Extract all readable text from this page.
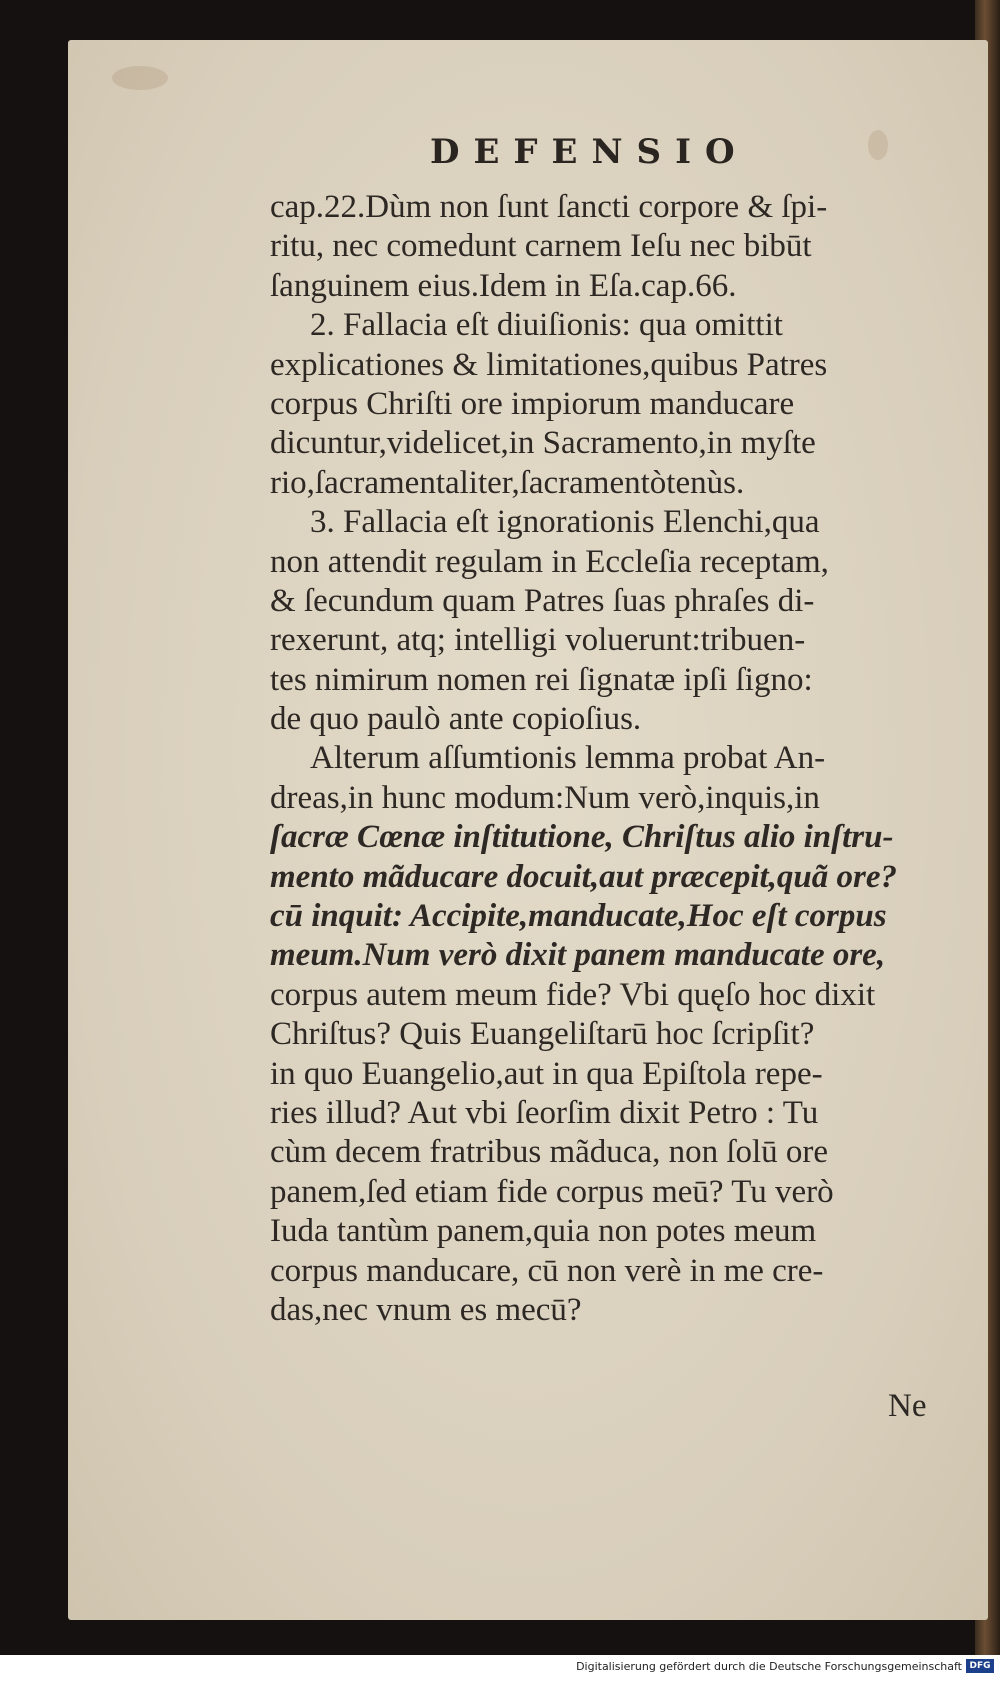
DEFENSIO
cap.22.Dùm non ſunt ſancti corpore & ſpi-
ritu, nec comedunt carnem Ieſu nec bibūt
ſanguinem eius.Idem in Eſa.cap.66.
2. Fallacia eſt diuiſionis: qua omittit
explicationes & limitationes,quibus Patres
corpus Chriſti ore impiorum manducare
dicuntur,videlicet,in Sacramento,in myſte
rio,ſacramentaliter,ſacramentòtenùs.
3. Fallacia eſt ignorationis Elenchi,qua
non attendit regulam in Eccleſia receptam,
& ſecundum quam Patres ſuas phraſes di-
rexerunt, atq; intelligi voluerunt:tribuen-
tes nimirum nomen rei ſignatæ ipſi ſigno:
de quo paulò ante copioſius.
Alterum aſſumtionis lemma probat An-
dreas,in hunc modum:Num verò,inquis,in
ſacræ Cœnæ inſtitutione, Chriſtus alio inſtru-
mento mãducare docuit,aut præcepit,quã ore?
cū inquit: Accipite,manducate,Hoc eſt corpus
meum.Num verò dixit panem manducate ore,
corpus autem meum fide? Vbi quęſo hoc dixit
Chriſtus? Quis Euangeliſtarū hoc ſcripſit?
in quo Euangelio,aut in qua Epiſtola repe-
ries illud? Aut vbi ſeorſim dixit Petro : Tu
cùm decem fratribus mãduca, non ſolū ore
panem,ſed etiam fide corpus meū? Tu verò
Iuda tantùm panem,quia non potes meum
corpus manducare, cū non verè in me cre-
das,nec vnum es mecū?
Ne
Digitalisierung gefördert durch die Deutsche Forschungsgemeinschaft DFG
